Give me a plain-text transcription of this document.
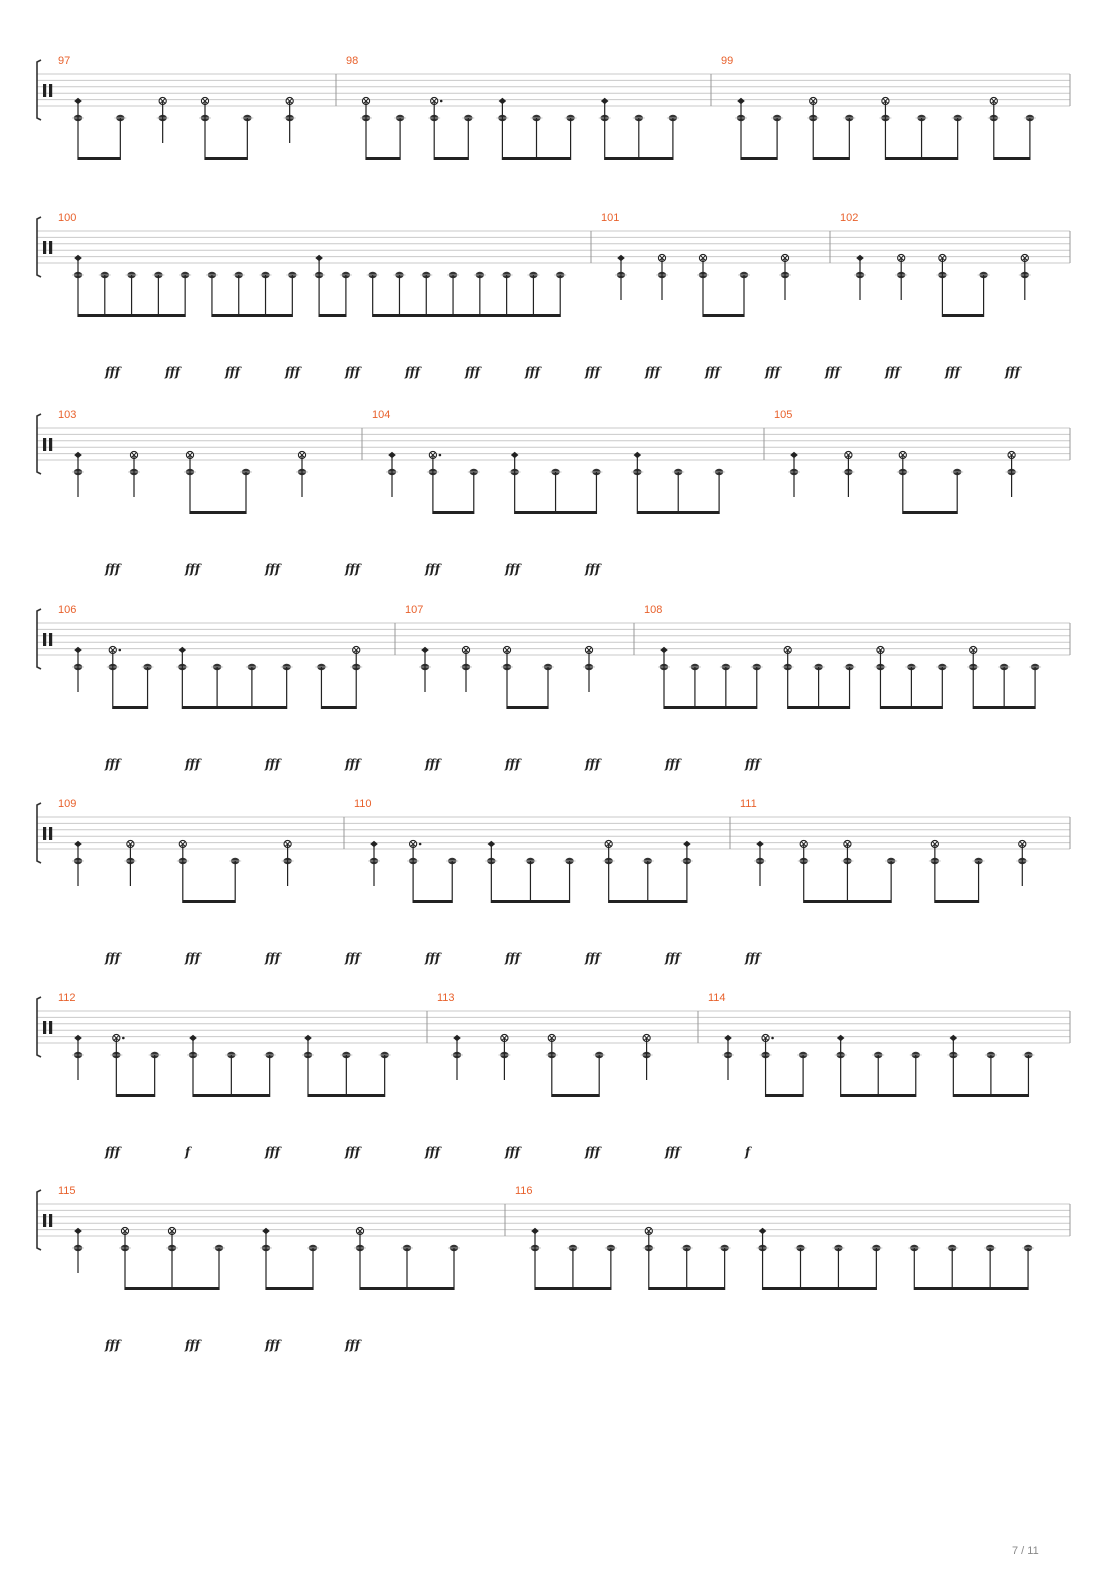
97	98	99
100	101	102
fff	fff	fff	fff	fff	fff	fff	fff	fff	fff	fff	fff	fff	fff	fff	fff
103	104	105
fff	fff	fff	fff	fff	fff	fff
106	107	108
fff	fff	fff	fff	fff	fff	fff	fff	fff
109	110	111
fff	fff	fff	fff	fff	fff	fff	fff	fff
112	113	114
fff	f	fff	fff	fff	fff	fff	fff	f
115	116
fff	fff	fff	fff
7 / 11
